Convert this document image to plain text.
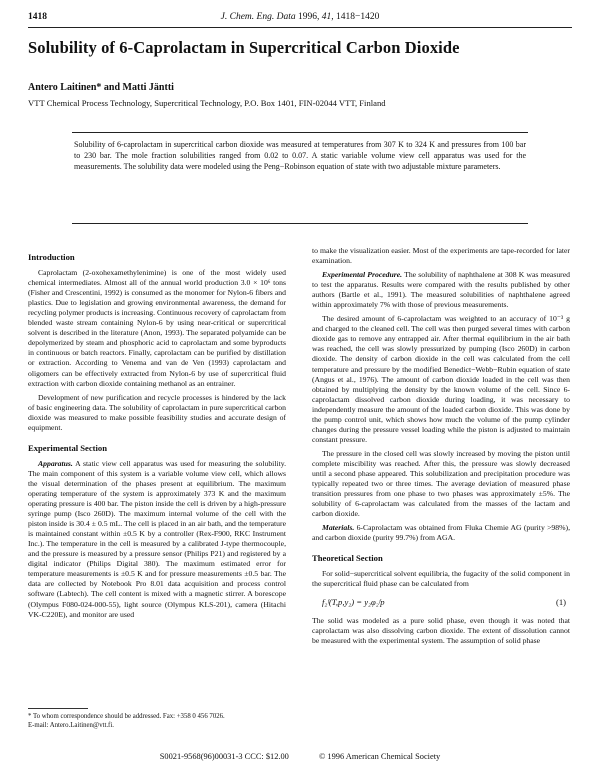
1418	J. Chem. Eng. Data 1996, 41, 1418−1420
Solubility of 6-Caprolactam in Supercritical Carbon Dioxide
Antero Laitinen* and Matti Jäntti
VTT Chemical Process Technology, Supercritical Technology, P.O. Box 1401, FIN-02044 VTT, Finland
Solubility of 6-caprolactam in supercritical carbon dioxide was measured at temperatures from 307 K to 324 K and pressures from 100 bar to 230 bar. The mole fraction solubilities ranged from 0.02 to 0.07. A static variable volume view cell apparatus was used for the measurements. The solubility data were modeled using the Peng−Robinson equation of state with two adjustable mixture parameters.
Introduction

Caprolactam (2-oxohexamethylenimine) is one of the most widely used chemical intermediates. Almost all of the annual world production 3.0 × 10⁶ tons (Fisher and Crescentini, 1992) is consumed as the monomer for Nylon-6 fibers and plastics. Due to legislation and growing environmental awareness, the demand for recycling polymer products is increasing. Continuous recovery of caprolactam from blended waste stream containing Nylon-6 by using near-critical or supercritical solvent is described in the literature (Anon, 1993). The separated polyamide can be depolymerized by steam and phosphoric acid to caprolactam and some byproducts in continuous or batch reactors. Finally, caprolactam can be purified by distillation or extraction. According to Venema and van de Ven (1993) caprolactam and oligomers can be effectively extracted from Nylon-6 by use of supercritical fluid extraction with carbon dioxide containing methanol as an entrainer.

Development of new purification and recycle processes is hindered by the lack of basic engineering data. The solubility of caprolactam in pure supercritical carbon dioxide was measured to make possible feasibility studies and accurate design of equipment.

Experimental Section

Apparatus. A static view cell apparatus was used for measuring the solubility. The main component of this system is a variable volume view cell, which allows the visual determination of the phases present at equilibrium. The maximum operating temperature of the system is approximately 373 K and the maximum operating pressure is 400 bar. The piston inside the cell is driven by a high-pressure syringe pump (Isco 260D). The maximum internal volume of the cell with the piston inside is 30.4 ± 0.5 mL. The cell is placed in an air bath, and the temperature is maintained constant within ±0.5 K by a controller (Rex-F900, RKC Instrument Inc.). The temperature in the cell is measured by a calibrated J-type thermocouple, and the pressure is measured by a pressure sensor (Philips P21) and registered by a digital indicator (Philips Digital 380). The maximum estimated error for temperature measurements is ±0.5 K and for pressure measurements ±0.5 bar. The data are collected by Notebook Pro 8.01 data acquisition and process control software (Labtech). The cell content is mixed with a magnetic stirrer. A borescope (Olympus F080-024-000-55), light source (Olympus KLS-201), camera (Hitachi VK-C220E), and monitor are used

* To whom correspondence should be addressed. Fax: +358 0 456 7026.
E-mail: Antero.Laitinen@vtt.fi.

to make the visualization easier. Most of the experiments are tape-recorded for later examination.

Experimental Procedure. The solubility of naphthalene at 308 K was measured to test the apparatus. Results were compared with the results published by other authors (Bartle et al., 1991). The measured solubilities of naphthalene agreed within approximately 7% with those of previous measurements.

The desired amount of 6-caprolactam was weighted to an accuracy of 10⁻³ g and charged to the cleaned cell. The cell was then purged several times with carbon dioxide gas to remove any entrapped air. After thermal equilibrium in the air bath was reached, the cell was slowly pressurized by pumping (Isco 260D) in carbon dioxide. The density of carbon dioxide in the cell was calculated from the cell temperature and pressure by the modified Benedict−Webb−Rubin equation of state (Angus et al., 1976). The amount of carbon dioxide loaded in the cell was then obtained by multiplying the density by the known volume of the cell. Since 6-caprolactam dissolved carbon dioxide during loading, it was necessary to independently measure the amount of the loaded carbon dioxide. This was done by the pump control unit, which shows how much the volume of the pump cylinder changes during the pressure vessel loading while the piston is adjusted to maintain constant pressure.

The pressure in the closed cell was slowly increased by moving the piston until complete miscibility was reached. After this, the pressure was slowly decreased until a second phase appeared. This solubilization and precipitation procedure was typically repeated two or three times. The average deviation of measured phase transition pressures from one phase to two phases was approximately ±5%. The solubility of 6-caprolactam was calculated from the masses of the lactam and carbon dioxide.

Materials. 6-Caprolactam was obtained from Fluka Chemie AG (purity >98%), and carbon dioxide (purity 99.7%) from AGA.

Theoretical Section

For solid−supercritical solvent equilibria, the fugacity of the solid component in the supercritical fluid phase can be calculated from

f₂ᶠ(T,p,y₂) = y₂φ₂ᶠp	(1)

The solid was modeled as a pure solid phase, even though it was noted that caprolactam was also dissolving carbon dioxide. The extent of dissolution cannot be measured with the experimental system. The assumption of solid phase

S0021-9568(96)00031-3 CCC: $12.00	© 1996 American Chemical Society
